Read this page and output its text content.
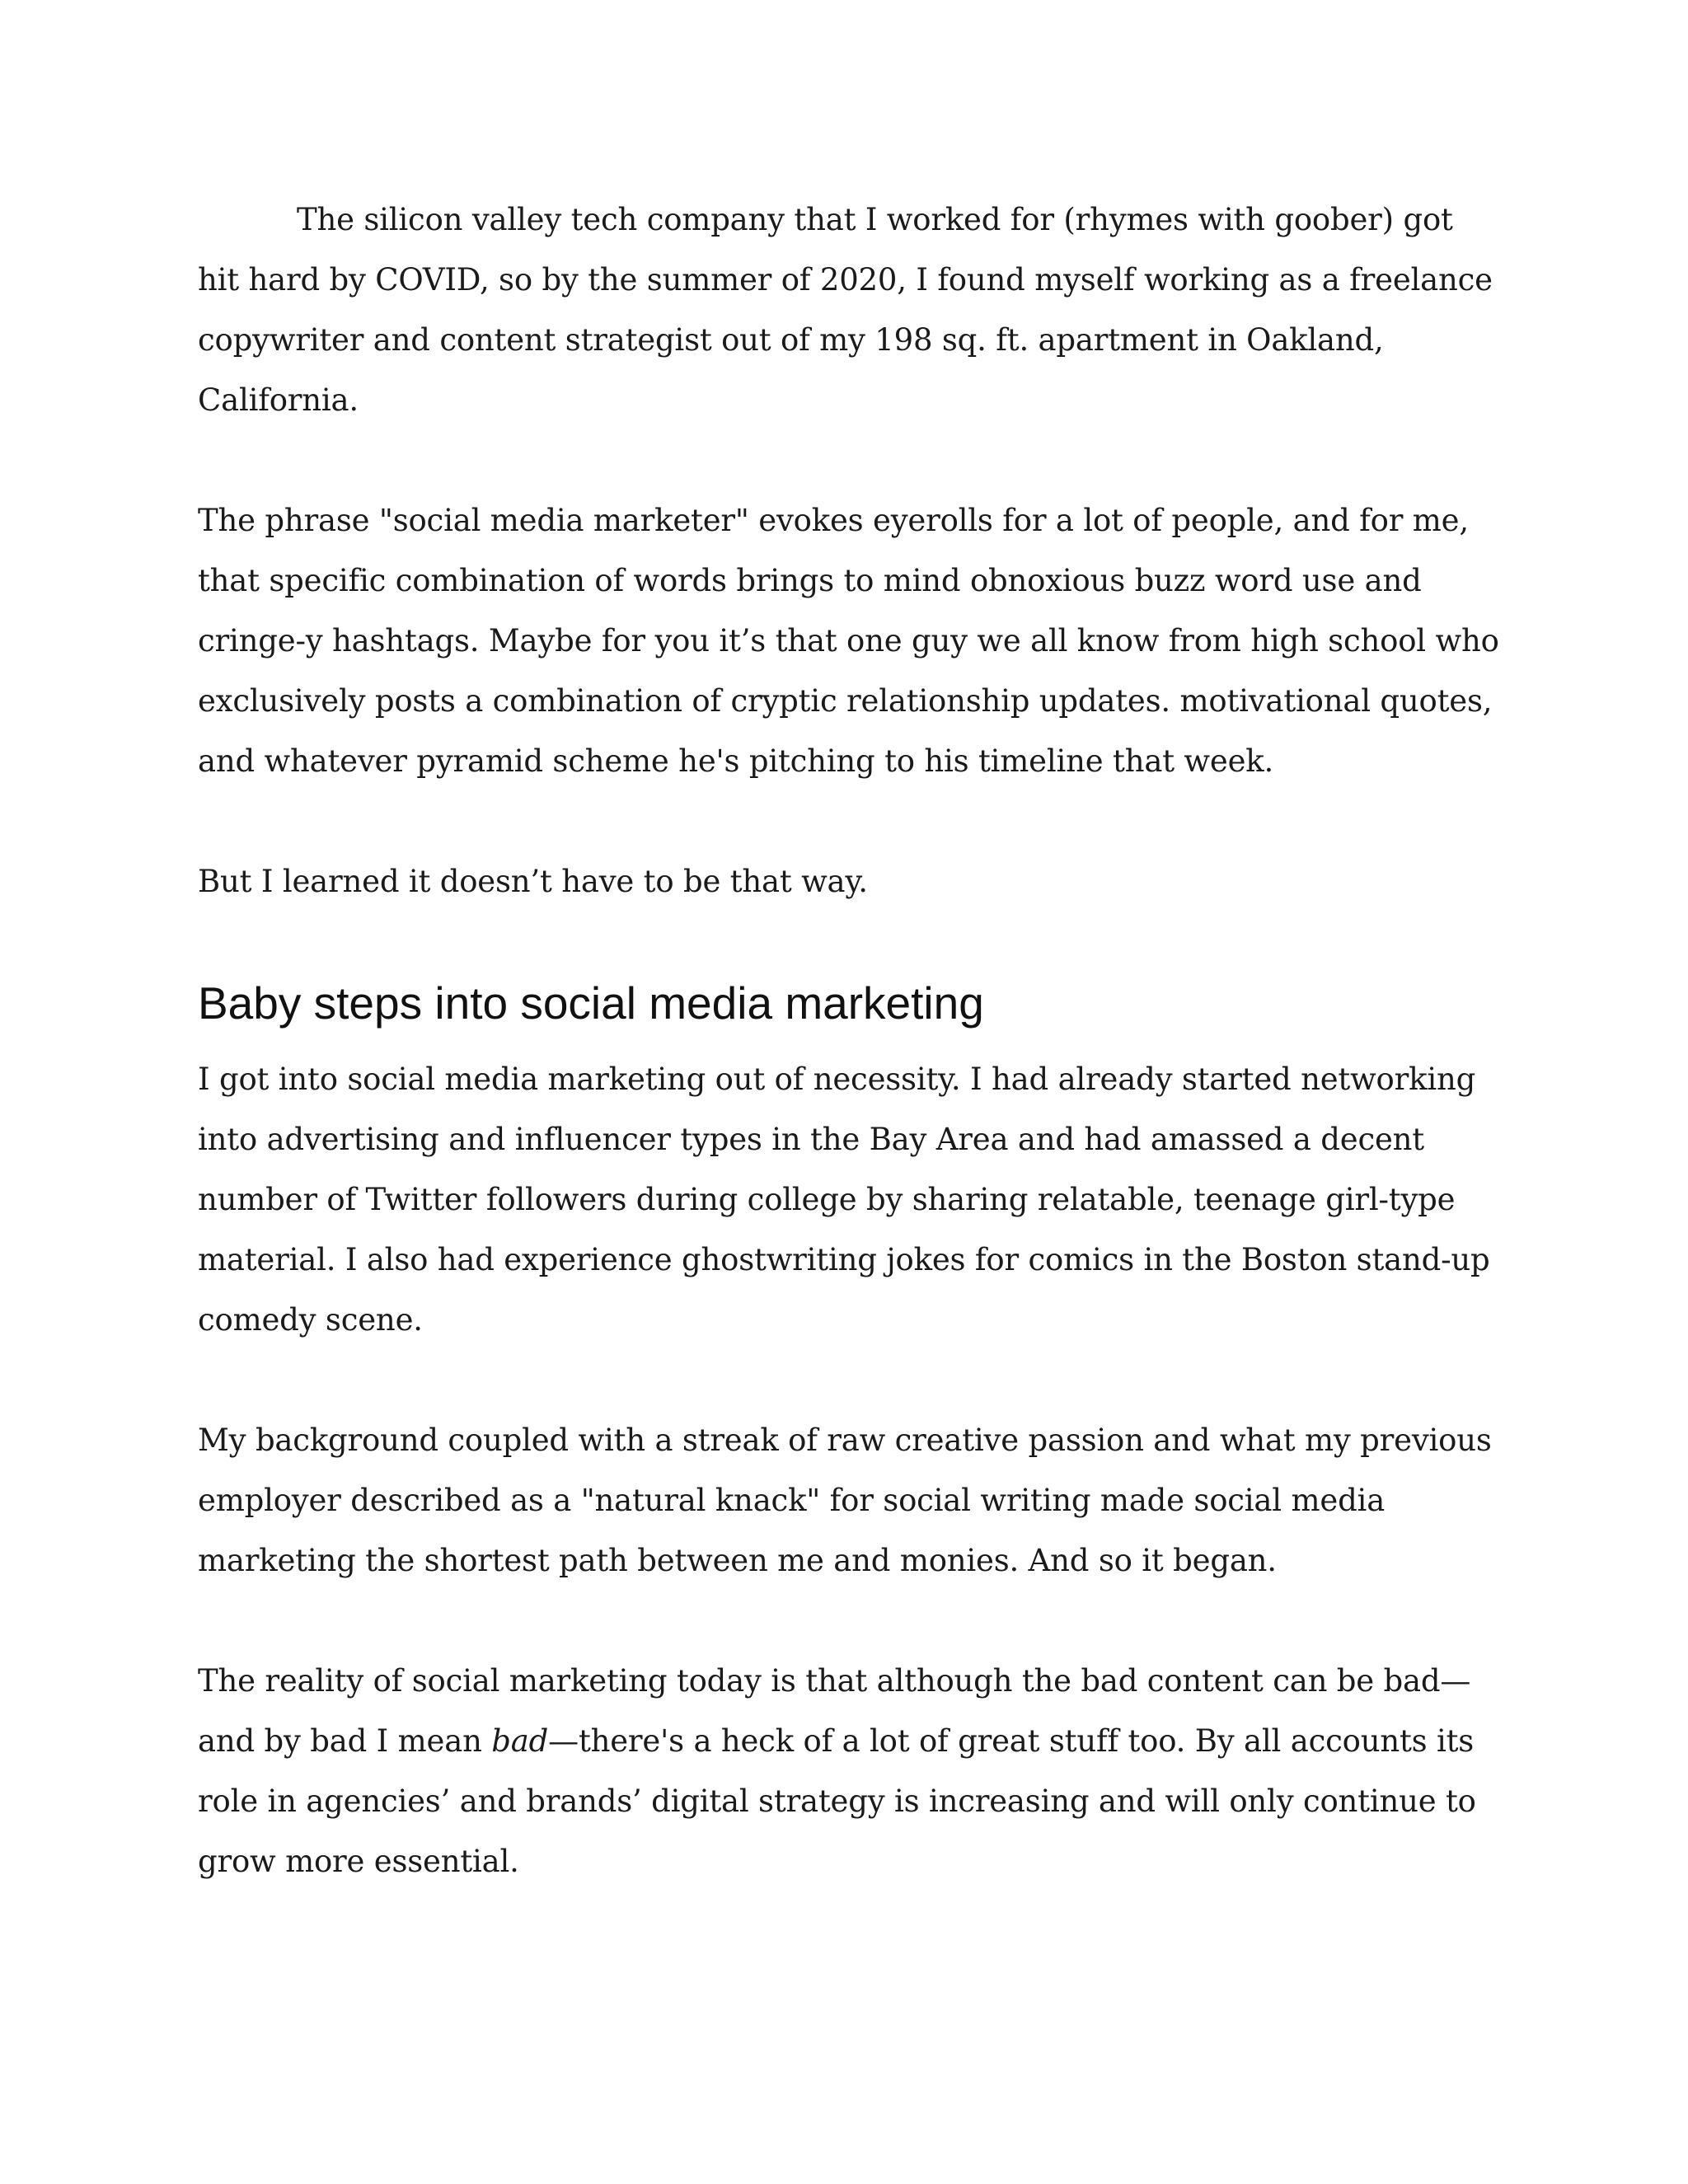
The silicon valley tech company that I worked for (rhymes with goober) got hit hard by COVID, so by the summer of 2020, I found myself working as a freelance copywriter and content strategist out of my 198 sq. ft. apartment in Oakland, California.

The phrase "social media marketer" evokes eyerolls for a lot of people, and for me, that specific combination of words brings to mind obnoxious buzz word use and cringe-y hashtags. Maybe for you it’s that one guy we all know from high school who exclusively posts a combination of cryptic relationship updates. motivational quotes, and whatever pyramid scheme he's pitching to his timeline that week.

But I learned it doesn’t have to be that way.

Baby steps into social media marketing

I got into social media marketing out of necessity. I had already started networking into advertising and influencer types in the Bay Area and had amassed a decent number of Twitter followers during college by sharing relatable, teenage girl-type material. I also had experience ghostwriting jokes for comics in the Boston stand-up comedy scene.

My background coupled with a streak of raw creative passion and what my previous employer described as a "natural knack" for social writing made social media marketing the shortest path between me and monies. And so it began.

The reality of social marketing today is that although the bad content can be bad—and by bad I mean bad—there's a heck of a lot of great stuff too. By all accounts its role in agencies’ and brands’ digital strategy is increasing and will only continue to grow more essential.
